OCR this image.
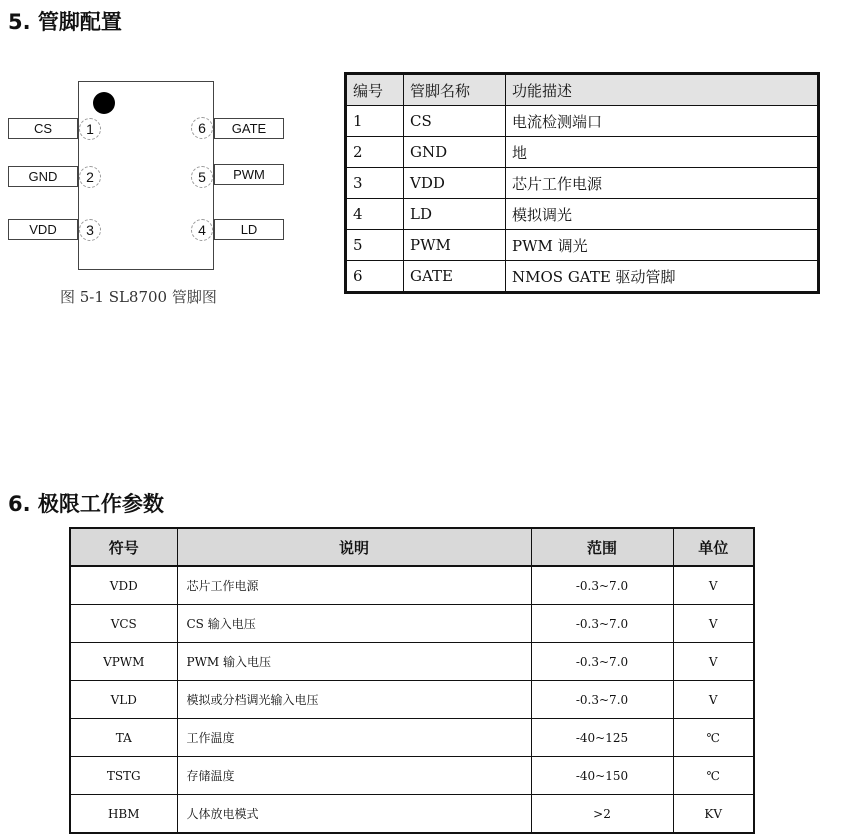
5. 管脚配置
CS
GND
VDD
1
2
3
GATE
PWM
LD
6
5
4
图 5-1 SL8700 管脚图
编号	管脚名称	功能描述
1	CS	电流检测端口
2	GND	地
3	VDD	芯片工作电源
4	LD	模拟调光
5	PWM	PWM 调光
6	GATE	NMOS GATE 驱动管脚
6. 极限工作参数
符号	说明	范围	单位
VDD	芯片工作电源	-0.3~7.0	V
VCS	CS 输入电压	-0.3~7.0	V
VPWM	PWM 输入电压	-0.3~7.0	V
VLD	模拟或分档调光输入电压	-0.3~7.0	V
TA	工作温度	-40~125	℃
TSTG	存储温度	-40~150	℃
HBM	人体放电模式	>2	KV
